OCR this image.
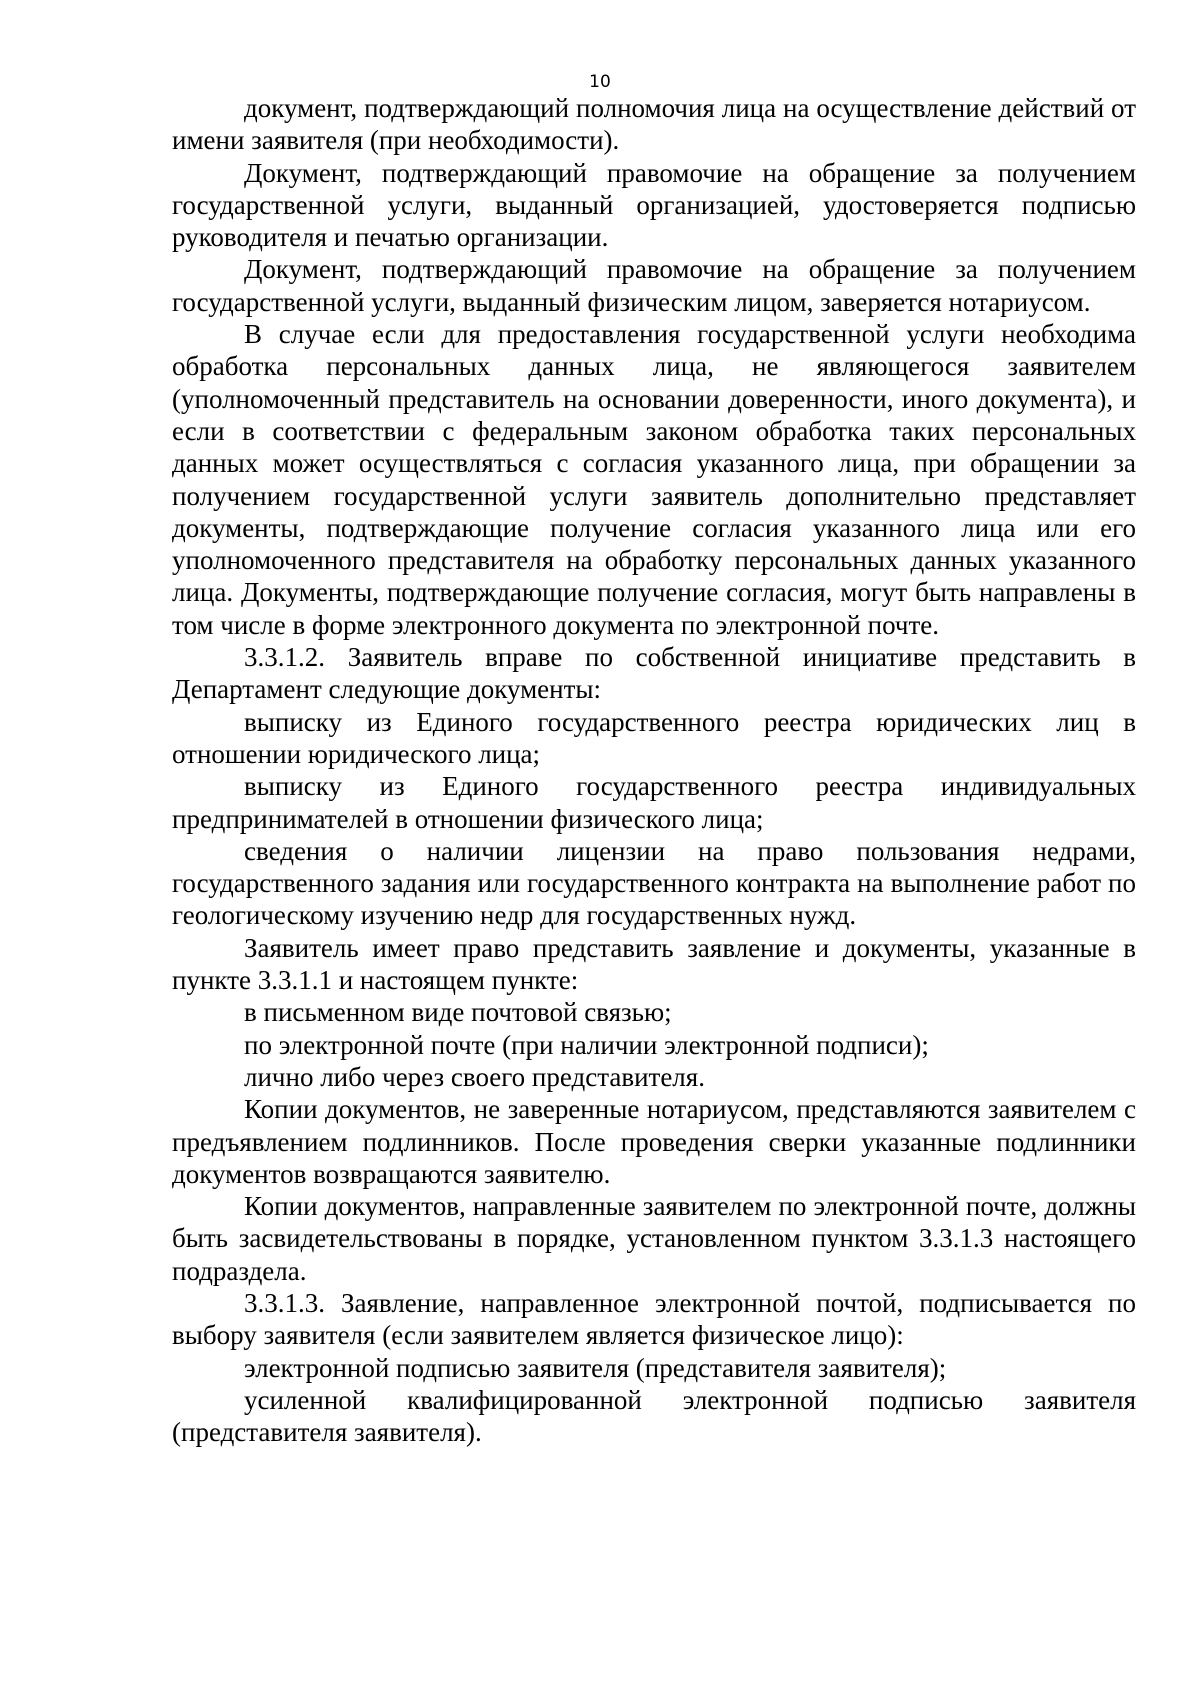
10

документ, подтверждающий полномочия лица на осуществление действий от имени заявителя (при необходимости).

Документ, подтверждающий правомочие на обращение за получением государственной услуги, выданный организацией, удостоверяется подписью руководителя и печатью организации.

Документ, подтверждающий правомочие на обращение за получением государственной услуги, выданный физическим лицом, заверяется нотариусом.

В случае если для предоставления государственной услуги необходима обработка персональных данных лица, не являющегося заявителем (уполномоченный представитель на основании доверенности, иного документа), и если в соответствии с федеральным законом обработка таких персональных данных может осуществляться с согласия указанного лица, при обращении за получением государственной услуги заявитель дополнительно представляет документы, подтверждающие получение согласия указанного лица или его уполномоченного представителя на обработку персональных данных указанного лица. Документы, подтверждающие получение согласия, могут быть направлены в том числе в форме электронного документа по электронной почте.

3.3.1.2. Заявитель вправе по собственной инициативе представить в Департамент следующие документы:

выписку из Единого государственного реестра юридических лиц в отношении юридического лица;

выписку из Единого государственного реестра индивидуальных предпринимателей в отношении физического лица;

сведения о наличии лицензии на право пользования недрами, государственного задания или государственного контракта на выполнение работ по геологическому изучению недр для государственных нужд.

Заявитель имеет право представить заявление и документы, указанные в пункте 3.3.1.1 и настоящем пункте:

в письменном виде почтовой связью;

по электронной почте (при наличии электронной подписи);

лично либо через своего представителя.

Копии документов, не заверенные нотариусом, представляются заявителем с предъявлением подлинников. После проведения сверки указанные подлинники документов возвращаются заявителю.

Копии документов, направленные заявителем по электронной почте, должны быть засвидетельствованы в порядке, установленном пунктом 3.3.1.3 настоящего подраздела.

3.3.1.3. Заявление, направленное электронной почтой, подписывается по выбору заявителя (если заявителем является физическое лицо):

электронной подписью заявителя (представителя заявителя);

усиленной квалифицированной электронной подписью заявителя (представителя заявителя).
